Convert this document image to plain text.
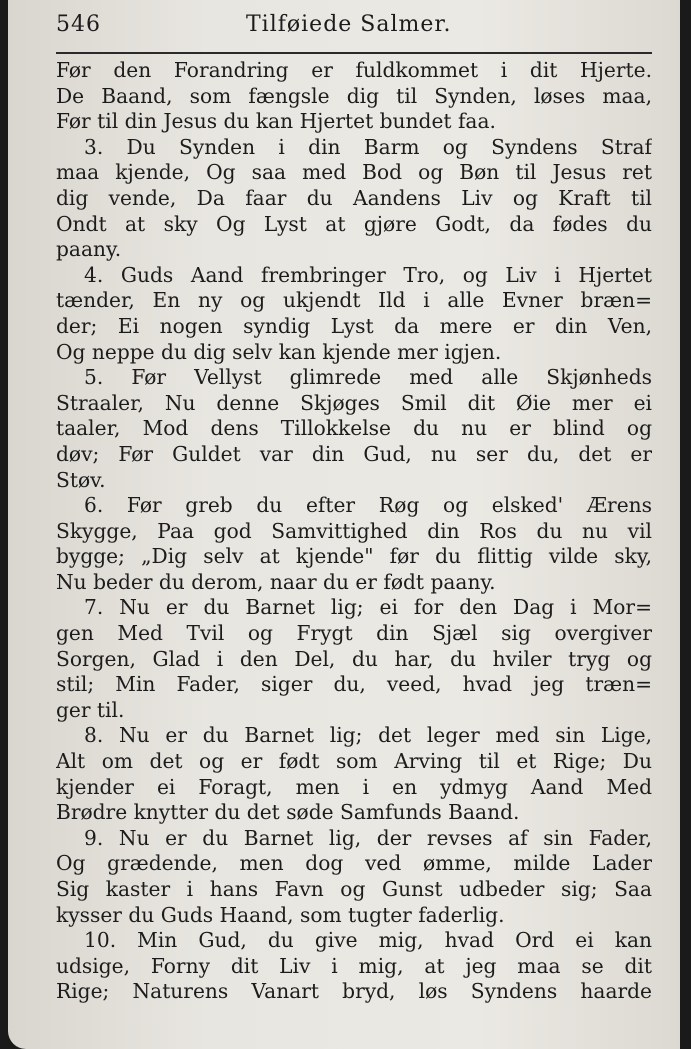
546	Tilføiede Salmer.
Før den Forandring er fuldkommet i dit Hjerte.
De Baand, som fængsle dig til Synden, løses maa,
Før til din Jesus du kan Hjertet bundet faa.
3. Du Synden i din Barm og Syndens Straf
maa kjende, Og saa med Bod og Bøn til Jesus ret
dig vende, Da faar du Aandens Liv og Kraft til
Ondt at sky Og Lyst at gjøre Godt, da fødes du
paany.
4. Guds Aand frembringer Tro, og Liv i Hjertet
tænder, En ny og ukjendt Ild i alle Evner bræn=
der; Ei nogen syndig Lyst da mere er din Ven,
Og neppe du dig selv kan kjende mer igjen.
5. Før Vellyst glimrede med alle Skjønheds
Straaler, Nu denne Skjøges Smil dit Øie mer ei
taaler, Mod dens Tillokkelse du nu er blind og
døv; Før Guldet var din Gud, nu ser du, det er
Støv.
6. Før greb du efter Røg og elsked' Ærens
Skygge, Paa god Samvittighed din Ros du nu vil
bygge; „Dig selv at kjende" før du flittig vilde sky,
Nu beder du derom, naar du er født paany.
7. Nu er du Barnet lig; ei for den Dag i Mor=
gen Med Tvil og Frygt din Sjæl sig overgiver
Sorgen, Glad i den Del, du har, du hviler tryg og
stil; Min Fader, siger du, veed, hvad jeg træn=
ger til.
8. Nu er du Barnet lig; det leger med sin Lige,
Alt om det og er født som Arving til et Rige; Du
kjender ei Foragt, men i en ydmyg Aand Med
Brødre knytter du det søde Samfunds Baand.
9. Nu er du Barnet lig, der revses af sin Fader,
Og grædende, men dog ved ømme, milde Lader
Sig kaster i hans Favn og Gunst udbeder sig; Saa
kysser du Guds Haand, som tugter faderlig.
10. Min Gud, du give mig, hvad Ord ei kan
udsige, Forny dit Liv i mig, at jeg maa se dit
Rige; Naturens Vanart bryd, løs Syndens haarde
